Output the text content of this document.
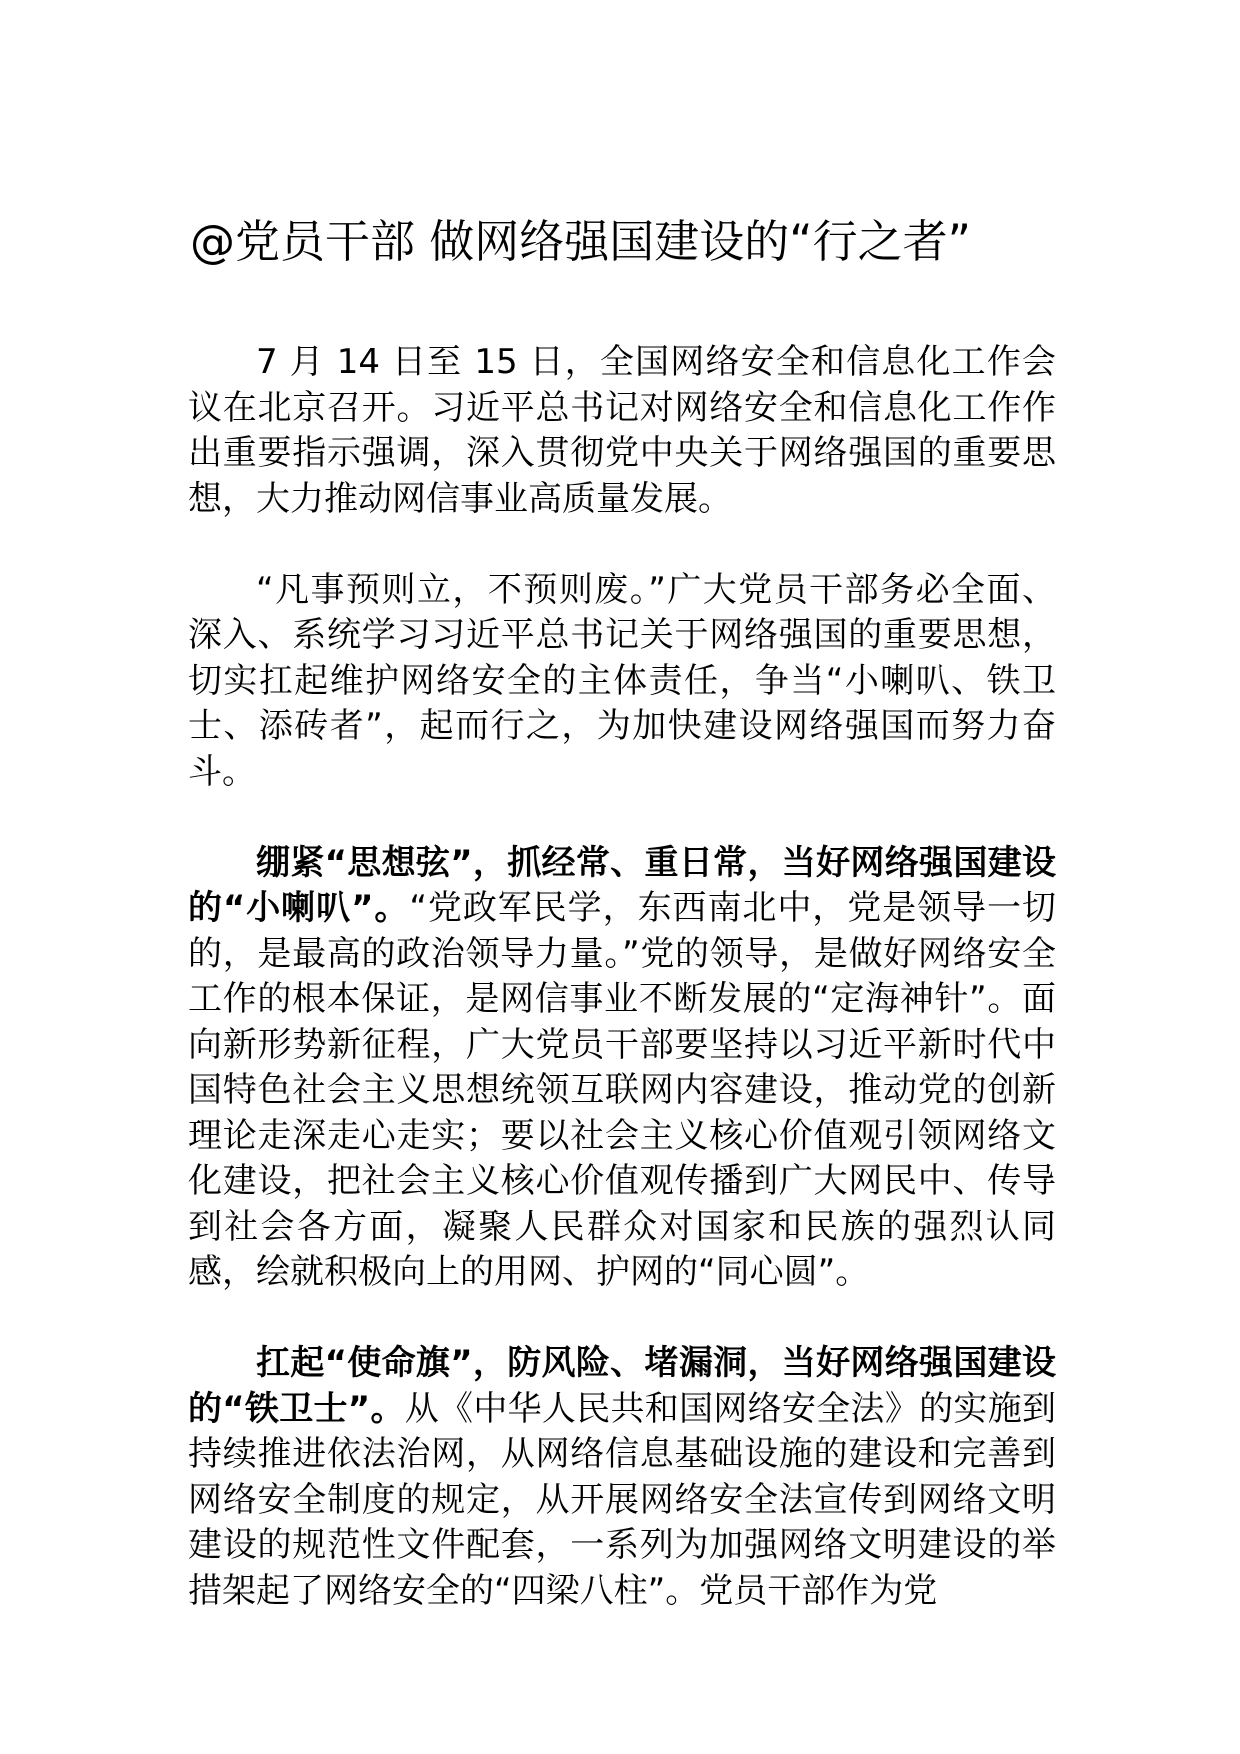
@党员干部 做网络强国建设的“行之者”

7 月 14 日至 15 日，全国网络安全和信息化工作会议在北京召开。习近平总书记对网络安全和信息化工作作出重要指示强调，深入贯彻党中央关于网络强国的重要思想，大力推动网信事业高质量发展。

“凡事预则立，不预则废。”广大党员干部务必全面、深入、系统学习习近平总书记关于网络强国的重要思想，切实扛起维护网络安全的主体责任，争当“小喇叭、铁卫士、添砖者”，起而行之，为加快建设网络强国而努力奋斗。

绷紧“思想弦”，抓经常、重日常，当好网络强国建设的“小喇叭”。“党政军民学，东西南北中，党是领导一切的，是最高的政治领导力量。”党的领导，是做好网络安全工作的根本保证，是网信事业不断发展的“定海神针”。面向新形势新征程，广大党员干部要坚持以习近平新时代中国特色社会主义思想统领互联网内容建设，推动党的创新理论走深走心走实；要以社会主义核心价值观引领网络文化建设，把社会主义核心价值观传播到广大网民中、传导到社会各方面，凝聚人民群众对国家和民族的强烈认同感，绘就积极向上的用网、护网的“同心圆”。

扛起“使命旗”，防风险、堵漏洞，当好网络强国建设的“铁卫士”。从《中华人民共和国网络安全法》的实施到持续推进依法治网，从网络信息基础设施的建设和完善到网络安全制度的规定，从开展网络安全法宣传到网络文明建设的规范性文件配套，一系列为加强网络文明建设的举措架起了网络安全的“四梁八柱”。党员干部作为党
